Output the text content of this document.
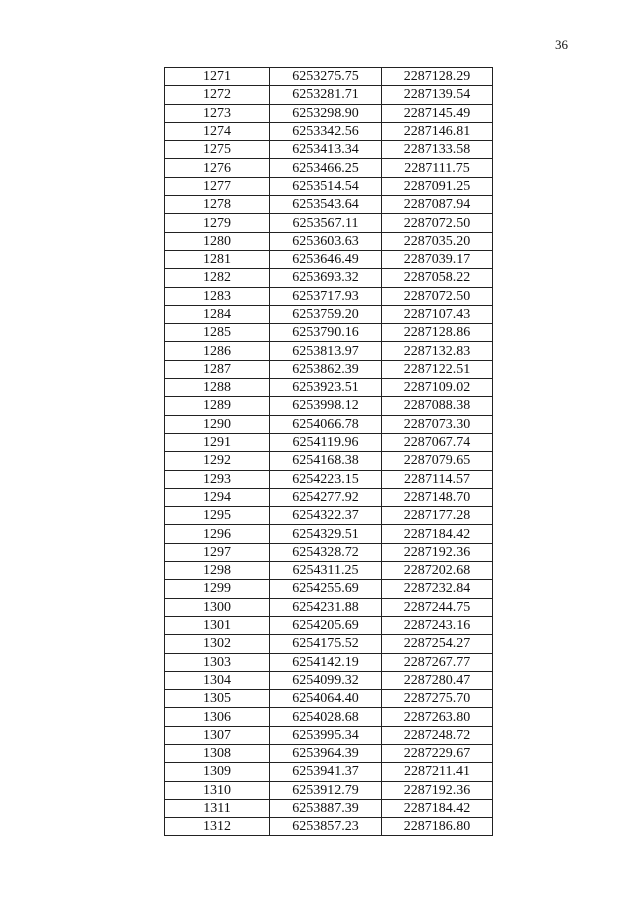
36
1271	6253275.75	2287128.29
1272	6253281.71	2287139.54
1273	6253298.90	2287145.49
1274	6253342.56	2287146.81
1275	6253413.34	2287133.58
1276	6253466.25	2287111.75
1277	6253514.54	2287091.25
1278	6253543.64	2287087.94
1279	6253567.11	2287072.50
1280	6253603.63	2287035.20
1281	6253646.49	2287039.17
1282	6253693.32	2287058.22
1283	6253717.93	2287072.50
1284	6253759.20	2287107.43
1285	6253790.16	2287128.86
1286	6253813.97	2287132.83
1287	6253862.39	2287122.51
1288	6253923.51	2287109.02
1289	6253998.12	2287088.38
1290	6254066.78	2287073.30
1291	6254119.96	2287067.74
1292	6254168.38	2287079.65
1293	6254223.15	2287114.57
1294	6254277.92	2287148.70
1295	6254322.37	2287177.28
1296	6254329.51	2287184.42
1297	6254328.72	2287192.36
1298	6254311.25	2287202.68
1299	6254255.69	2287232.84
1300	6254231.88	2287244.75
1301	6254205.69	2287243.16
1302	6254175.52	2287254.27
1303	6254142.19	2287267.77
1304	6254099.32	2287280.47
1305	6254064.40	2287275.70
1306	6254028.68	2287263.80
1307	6253995.34	2287248.72
1308	6253964.39	2287229.67
1309	6253941.37	2287211.41
1310	6253912.79	2287192.36
1311	6253887.39	2287184.42
1312	6253857.23	2287186.80
